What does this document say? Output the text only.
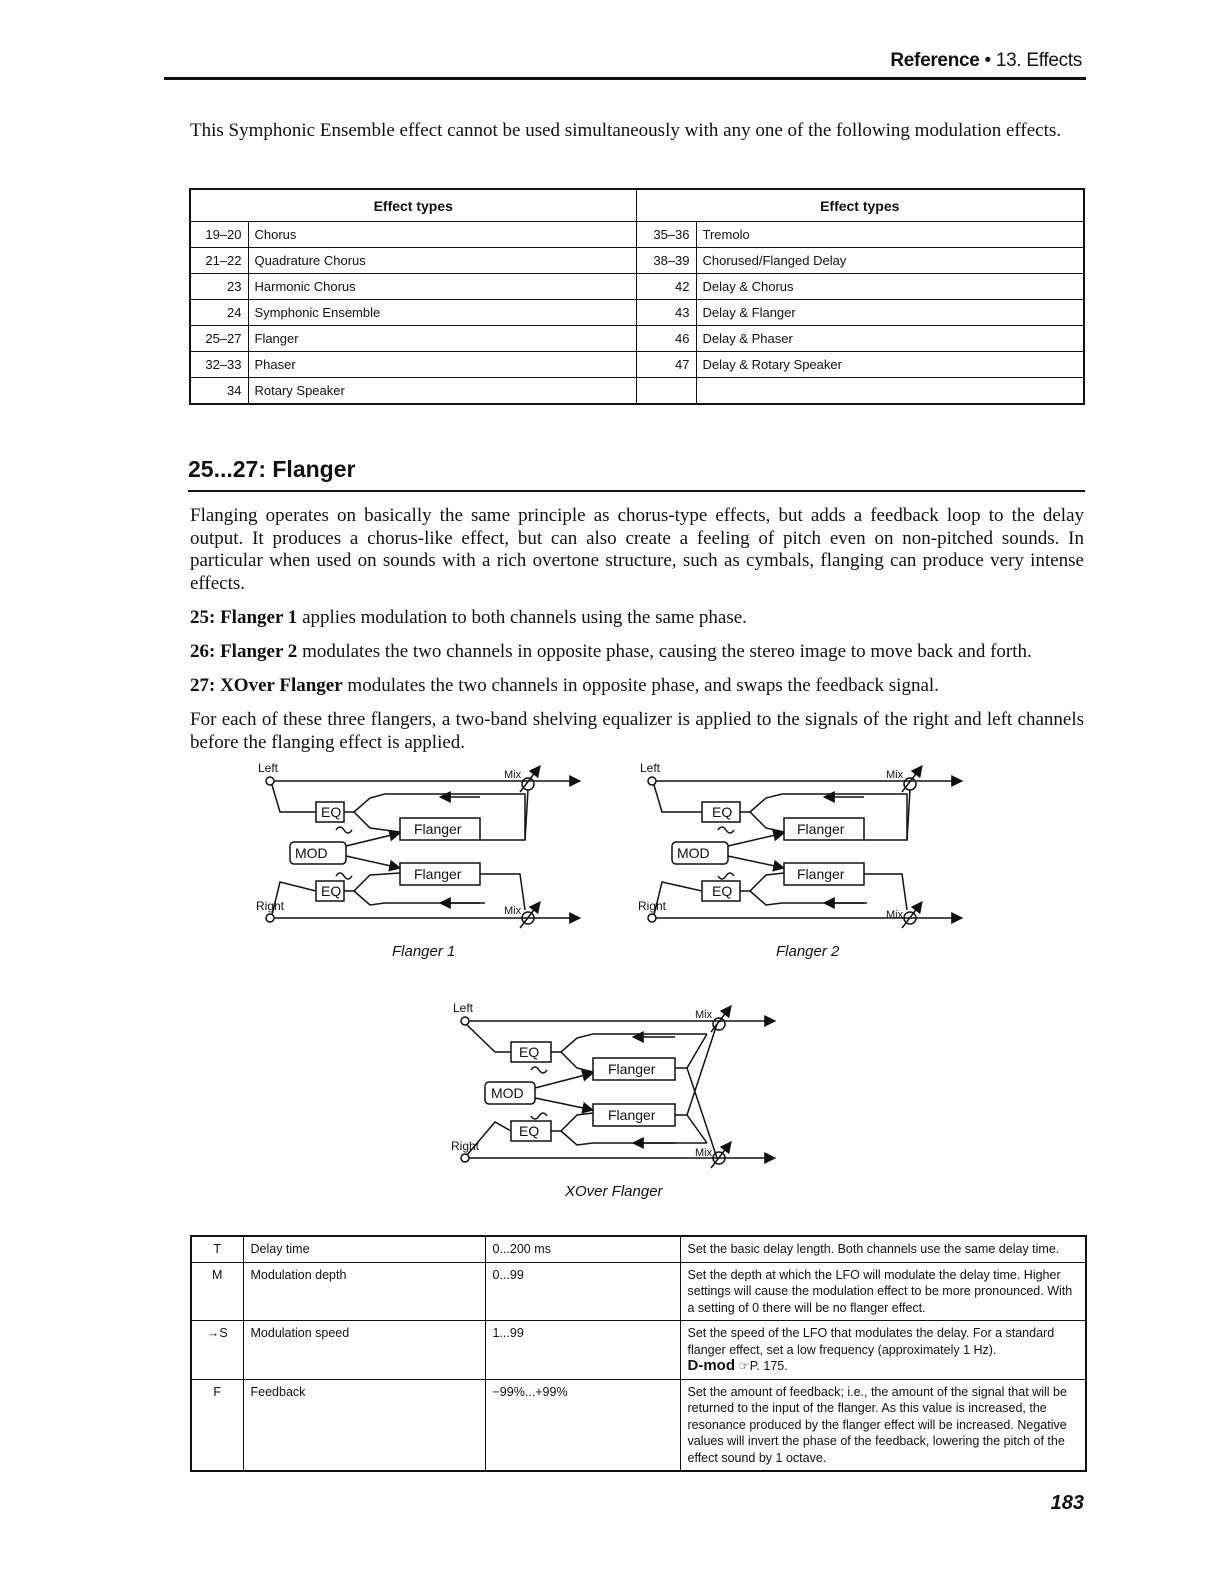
Reference • 13. Effects
This Symphonic Ensemble effect cannot be used simultaneously with any one of the following modulation effects.
Effect types		Effect types	
19–20	Chorus	35–36	Tremolo
21–22	Quadrature Chorus	38–39	Chorused/Flanged Delay
23	Harmonic Chorus	42	Delay & Chorus
24	Symphonic Ensemble	43	Delay & Flanger
25–27	Flanger	46	Delay & Phaser
32–33	Phaser	47	Delay & Rotary Speaker
34	Rotary Speaker		
25...27: Flanger
Flanging operates on basically the same principle as chorus-type effects, but adds a feedback loop to the delay output. It produces a chorus-like effect, but can also create a feeling of pitch even on non-pitched sounds. In particular when used on sounds with a rich overtone structure, such as cymbals, flanging can produce very intense effects.
25: Flanger 1 applies modulation to both channels using the same phase.
26: Flanger 2 modulates the two channels in opposite phase, causing the stereo image to move back and forth.
27: XOver Flanger modulates the two channels in opposite phase, and swaps the feedback signal.
For each of these three flangers, a two-band shelving equalizer is applied to the signals of the right and left channels before the flanging effect is applied.
Left
Right
Mix
Mix
EQ
EQ
MOD
Flanger
Flanger
Flanger 1
Left
Right
Mix
Mix
EQ
EQ
MOD
Flanger
Flanger
Flanger 2
Left
Right
Mix
Mix
EQ
EQ
MOD
Flanger
Flanger
XOver Flanger
T	Delay time	0...200 ms	Set the basic delay length. Both channels use the same delay time.
M	Modulation depth	0...99	Set the depth at which the LFO will modulate the delay time. Higher settings will cause the modulation effect to be more pronounced. With a setting of 0 there will be no flanger effect.
→S	Modulation speed	1...99	Set the speed of the LFO that modulates the delay. For a standard flanger effect, set a low frequency (approximately 1 Hz).
D-mod ☞P. 175.
F	Feedback	−99%...+99%	Set the amount of feedback; i.e., the amount of the signal that will be returned to the input of the flanger. As this value is increased, the resonance produced by the flanger effect will be increased. Negative values will invert the phase of the feedback, lowering the pitch of the effect sound by 1 octave.
183
